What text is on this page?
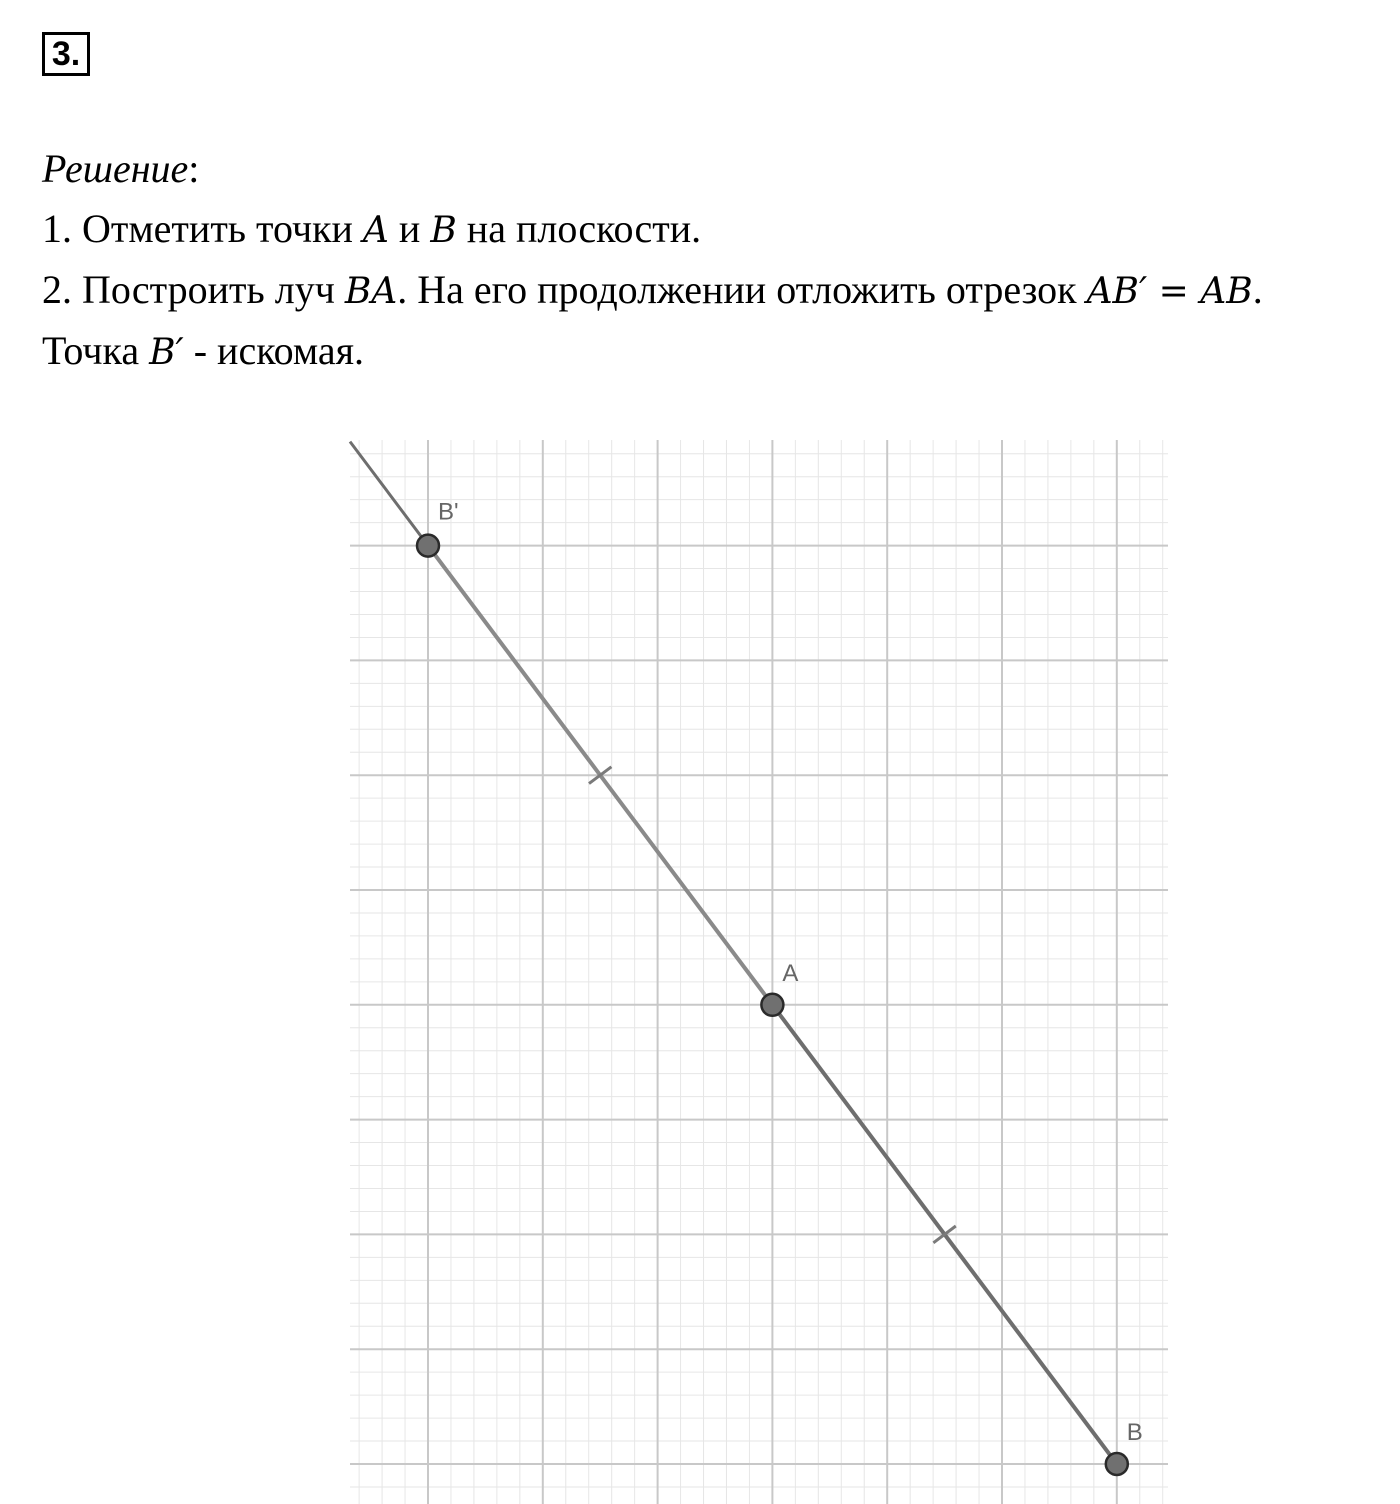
3.
Решение:
1. Отметить точки A и B на плоскости.
2. Построить луч BA. На его продолжении отложить отрезок AB′ = AB.
Точка B′ - искомая.
B'
A
B
